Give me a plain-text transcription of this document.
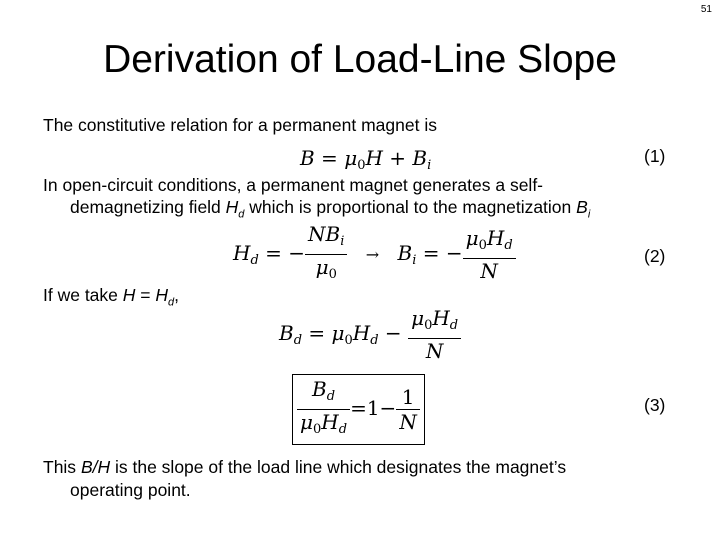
51
Derivation of Load-Line Slope
The constitutive relation for a permanent magnet is
$B = \mu_0H + B_i$	(1)
In open-circuit conditions, a permanent magnet generates a self-
demagnetizing field $H_d$ which is proportional to the magnetization $B_i$
$H_d$ = − $\frac{NB_i}{\mu_0} \to B_i$ = − $\frac{\mu_0H_d}{N}$	(2)
If we take $H = H_d$,
$B_d = \mu_0H_d - \frac{\mu_0H_d}{N}$
$\frac{B_d}{\mu_0H_d} =1- \frac{1}{N}$	(3)
This B/H is the slope of the load line which designates the magnet’s
operating point.
